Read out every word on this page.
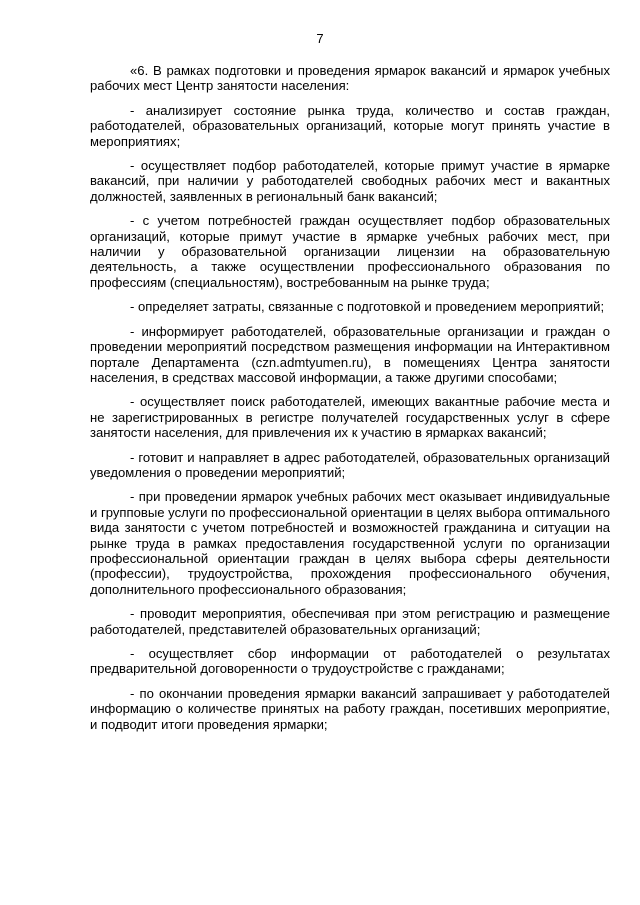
7

«6. В рамках подготовки и проведения ярмарок вакансий и ярмарок учебных рабочих мест Центр занятости населения:

- анализирует состояние рынка труда, количество и состав граждан, работодателей, образовательных организаций, которые могут принять участие в мероприятиях;

- осуществляет подбор работодателей, которые примут участие в ярмарке вакансий, при наличии у работодателей свободных рабочих мест и вакантных должностей, заявленных в региональный банк вакансий;

- с учетом потребностей граждан осуществляет подбор образовательных организаций, которые примут участие в ярмарке учебных рабочих мест, при наличии у образовательной организации лицензии на образовательную деятельность, а также осуществлении профессионального образования по профессиям (специальностям), востребованным на рынке труда;

- определяет затраты, связанные с подготовкой и проведением мероприятий;

- информирует работодателей, образовательные организации и граждан о проведении мероприятий посредством размещения информации на Интерактивном портале Департамента (czn.admtyumen.ru), в помещениях Центра занятости населения, в средствах массовой информации, а также другими способами;

- осуществляет поиск работодателей, имеющих вакантные рабочие места и не зарегистрированных в регистре получателей государственных услуг в сфере занятости населения, для привлечения их к участию в ярмарках вакансий;

- готовит и направляет в адрес работодателей, образовательных организаций уведомления о проведении мероприятий;

- при проведении ярмарок учебных рабочих мест оказывает индивидуальные и групповые услуги по профессиональной ориентации в целях выбора оптимального вида занятости с учетом потребностей и возможностей гражданина и ситуации на рынке труда в рамках предоставления государственной услуги по организации профессиональной ориентации граждан в целях выбора сферы деятельности (профессии), трудоустройства, прохождения профессионального обучения, дополнительного профессионального образования;

- проводит мероприятия, обеспечивая при этом регистрацию и размещение работодателей, представителей образовательных организаций;

- осуществляет сбор информации от работодателей о результатах предварительной договоренности о трудоустройстве с гражданами;

- по окончании проведения ярмарки вакансий запрашивает у работодателей информацию о количестве принятых на работу граждан, посетивших мероприятие, и подводит итоги проведения ярмарки;
